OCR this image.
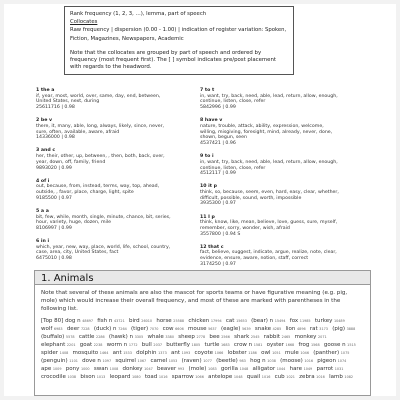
Rank frequency (1, 2, 3, …), lemma, part of speech

Collocates

Raw frequency | dispersion (0.00 - 1.00) | indication of register variation: Spoken, Fiction, Magazines, Newspapers, Academic

Note that the collocates are grouped by part of speech and ordered by frequency (most frequent first). The [ ] symbol indicates pre/post placement with regards to the headword.

1 the a
if, year, most, world, over, same, day, end, between, United States, next, during
25611716 | 0.98
2 be v
there, it, many, able, long, always, likely, since, never, sure, often, available, aware, afraid
14336000 | 0.98
3 and c
her, their, other, up, between, , then, both, back, over, year, down, off, family, friend
9893020 | 0.99
4 of i
out, because, from, instead, terms, way, top, ahead, outside, , favor, place, charge, light, spite
9185500 | 0.97
5 a a
bit, few, while, month, single, minute, chance, bit, series, hour, variety, huge, dozen, mile
8106997 | 0.99
6 in i
which, year, new, way, place, world, life, school, country, case, area, city, United States, fact
6475010 | 0.98
7 to t
in, want, try, back, need, able, lead, return, allow, enough, continue, listen, close, refer
5842996 | 0.99
8 have v
nature, trouble, attack, ability, expression, welcome, willing, misgiving, foresight, mind, already, never, done, shown, begun, seen
4537421 | 0.96
9 to i
in, want, try, back, need, able, lead, return, allow, enough, continue, listen, close, refer
4512117 | 0.99
10 it p
think, so, because, seem, even, hard, easy, clear, whether, difficult, possible, sound, worth, impossible
3935300 | 0.97
11 I p
think, know, like, mean, believe, love, guess, sure, myself, remember, sorry, wonder, wish, afraid
3557800 | 0.94 S
12 that c
fact, believe, suggest, indicate, argue, realize, note, clear, evidence, ensure, aware, notion, staff, correct
3174250 | 0.97
1. Animals

Note that several of these animals are also the mascot for sports teams or have figurative meaning (e.g. pig, mole) which would increase their overall frequency, and most of these are marked with parentheses in the following list.

[Top 80] dog n 48697 fish n 43721 bird 26010 horse 25588 chicken 17994 cat 15653 (bear) n 15494 fox 11985 turkey 10489 wolf 6983 deer 7228 (duck) n 7264 (tiger) 7070 cow 6606 mouse 5637 (eagle) 5639 snake 4285 lion 4896 rat 3173 (pig) 3888 (buffalo) 5578 cattle 2286 (hawk) n 3305 whale 3380 sheep 2778 bee 2566 shark 2545 rabbit 2465 monkey 2071 elephant 2201 goat 2238 worm n 1772 bull 2037 butterfly 1805 turtle 1683 crow n 1581 oyster 1668 frog 1568 goose n 1515 spider 1408 mosquito 1464 ant 1533 dolphin 1373 ant 1093 coyote 1066 lobster 1186 owl 1051 mule 1046 (panther) 1075 (penguin) 1101 dove n 1097 squirrel 1067 camel 1053 (raven) 1077 (beetle) 983 hog n 1038 (moose) 1016 pigeon 1074 ape 1009 pony 1000 swan 1008 donkey 1047 beaver 993 (mole) 1083 gorilla 1048 alligator 1044 hare 1049 parrot 1031 crocodile 1038 bison 1013 leopard 1080 toad 1016 sparrow 1066 antelope 1048 quail 1016 cub 1021 zebra 1016 lamb 1082
